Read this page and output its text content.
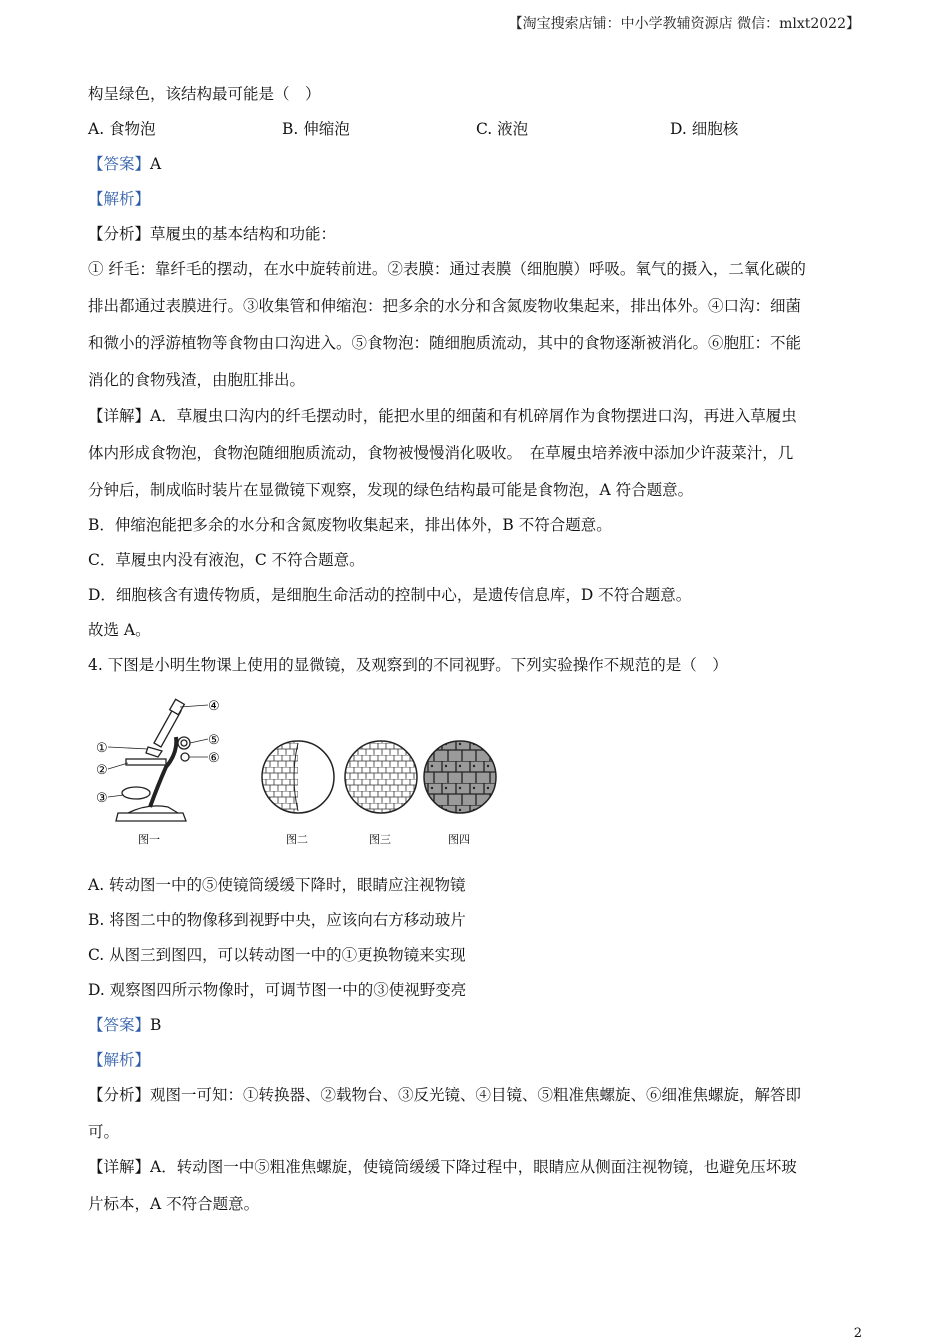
【淘宝搜索店铺：中小学教辅资源店 微信：mlxt2022】
构呈绿色，该结构最可能是（　）
A. 食物泡	B. 伸缩泡	C. 液泡	D. 细胞核
【答案】A
【解析】
【分析】草履虫的基本结构和功能：
① 纤毛：靠纤毛的摆动，在水中旋转前进。②表膜：通过表膜（细胞膜）呼吸。氧气的摄入，二氧化碳的
排出都通过表膜进行。③收集管和伸缩泡：把多余的水分和含氮废物收集起来，排出体外。④口沟：细菌
和微小的浮游植物等食物由口沟进入。⑤食物泡：随细胞质流动，其中的食物逐渐被消化。⑥胞肛：不能
消化的食物残渣，由胞肛排出。
【详解】A．草履虫口沟内的纤毛摆动时，能把水里的细菌和有机碎屑作为食物摆进口沟，再进入草履虫
体内形成食物泡，食物泡随细胞质流动，食物被慢慢消化吸收。　在草履虫培养液中添加少许菠菜汁，几
分钟后，制成临时装片在显微镜下观察，发现的绿色结构最可能是食物泡，A 符合题意。
B．伸缩泡能把多余的水分和含氮废物收集起来，排出体外，B 不符合题意。
C．草履虫内没有液泡，C 不符合题意。
D．细胞核含有遗传物质，是细胞生命活动的控制中心，是遗传信息库，D 不符合题意。
故选 A。
4. 下图是小明生物课上使用的显微镜，及观察到的不同视野。下列实验操作不规范的是（　）
①
②
③
④
⑤
⑥
图一	图二	图三	图四
A. 转动图一中的⑤使镜筒缓缓下降时，眼睛应注视物镜
B. 将图二中的物像移到视野中央，应该向右方移动玻片
C. 从图三到图四，可以转动图一中的①更换物镜来实现
D. 观察图四所示物像时，可调节图一中的③使视野变亮
【答案】B
【解析】
【分析】观图一可知：①转换器、②载物台、③反光镜、④目镜、⑤粗准焦螺旋、⑥细准焦螺旋，解答即
可。
【详解】A．转动图一中⑤粗准焦螺旋，使镜筒缓缓下降过程中，眼睛应从侧面注视物镜，也避免压坏玻
片标本，A 不符合题意。
2
